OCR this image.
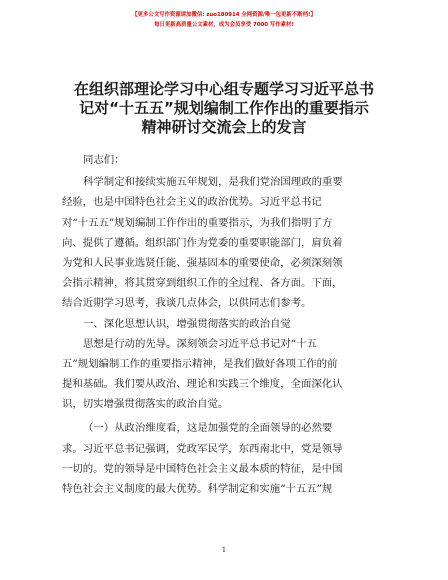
【更多公文写作资源请加微信: zuo180914 全网资源/唯一包更新不断档!】
每日更新高质量公文素材，成为会员享受 7000 写作素材!
在组织部理论学习中心组专题学习习近平总书
记对“十五五”规划编制工作作出的重要指示
精神研讨交流会上的发言
同志们：
科学制定和接续实施五年规划，是我们党治国理政的重要
经验，也是中国特色社会主义的政治优势。习近平总书记
对“十五五”规划编制工作作出的重要指示，为我们指明了方
向、提供了遵循。组织部门作为党委的重要职能部门，肩负着
为党和人民事业选贤任能、强基固本的重要使命，必须深刻领
会指示精神，将其贯穿到组织工作的全过程、各方面。下面，
结合近期学习思考，我谈几点体会，以供同志们参考。
一、深化思想认识，增强贯彻落实的政治自觉
思想是行动的先导。深刻领会习近平总书记对“十五
五”规划编制工作的重要指示精神，是我们做好各项工作的前
提和基础。我们要从政治、理论和实践三个维度，全面深化认
识，切实增强贯彻落实的政治自觉。
（一）从政治维度看，这是加强党的全面领导的必然要
求。习近平总书记强调，党政军民学，东西南北中，党是领导
一切的。党的领导是中国特色社会主义最本质的特征，是中国
特色社会主义制度的最大优势。科学制定和实施“十五五”规
1
